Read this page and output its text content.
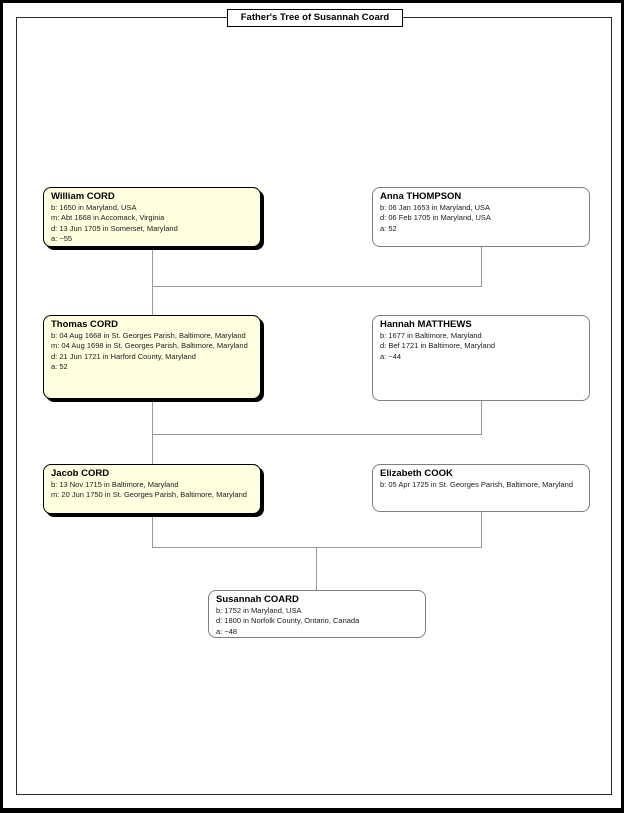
Father's Tree of Susannah Coard
William CORD
b: 1650 in Maryland, USA
m: Abt 1668 in Accomack, Virginia
d: 13 Jun 1705 in Somerset, Maryland
a: ~55
Anna THOMPSON
b: 06 Jan 1653 in Maryland, USA
d: 06 Feb 1705 in Maryland, USA
a: 52
Thomas CORD
b: 04 Aug 1668 in St. Georges Parish, Baltimore, Maryland
m: 04 Aug 1698 in St. Georges Parish, Baltimore, Maryland
d: 21 Jun 1721 in Harford County, Maryland
a: 52
Hannah MATTHEWS
b: 1677 in Baltimore, Maryland
d: Bef 1721 in Baltimore, Maryland
a: ~44
Jacob CORD
b: 13 Nov 1715 in Baltimore, Maryland
m: 20 Jun 1750 in St. Georges Parish, Baltimore, Maryland
Elizabeth COOK
b: 05 Apr 1725 in St. Georges Parish, Baltimore, Maryland
Susannah COARD
b: 1752 in Maryland, USA
d: 1800 in Norfolk County, Ontario, Canada
a: ~48
